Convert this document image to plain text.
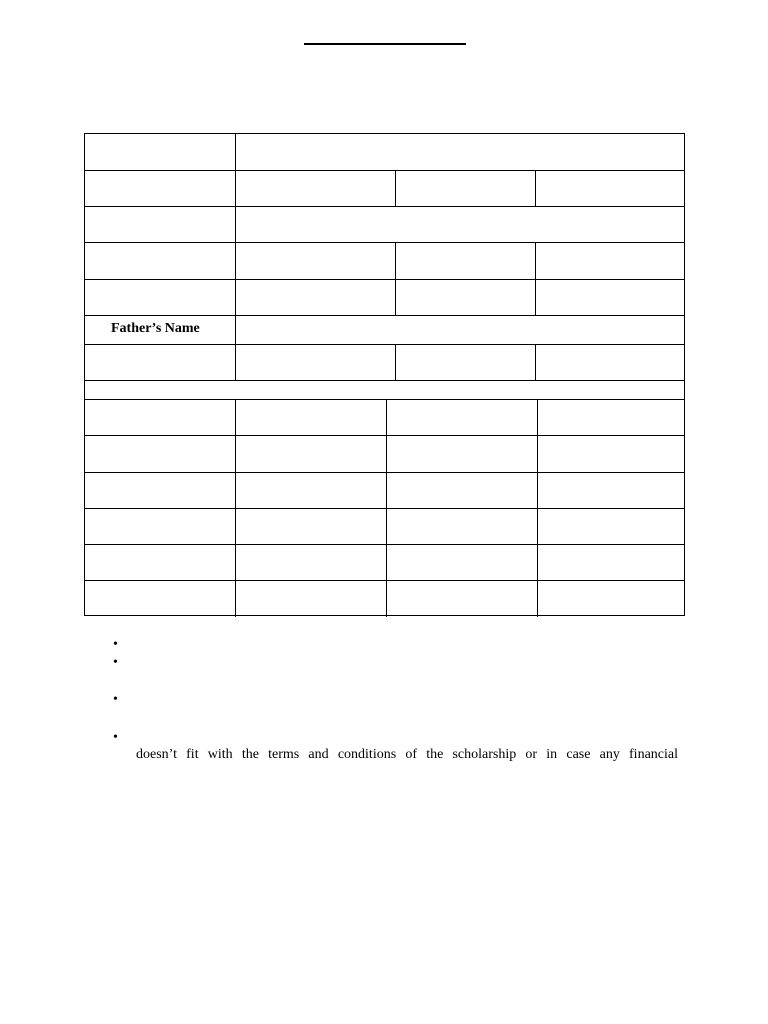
Father’s Name
•
•
•
•
doesn’t fit with the terms and conditions of the scholarship or in case any financial
